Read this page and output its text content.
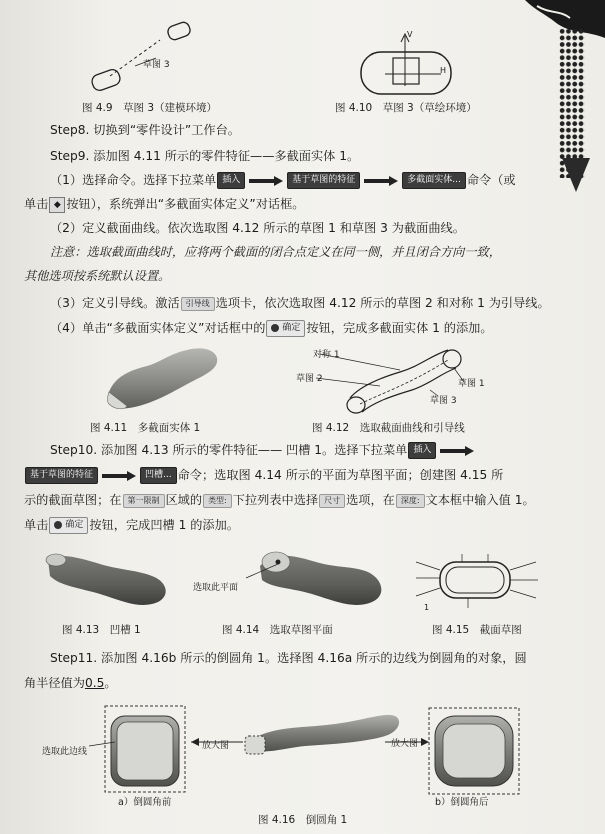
草图 3
图 4.9　草图 3（建模环境）
V
H
图 4.10　草图 3（草绘环境）
Step8. 切换到“零件设计”工作台。
Step9. 添加图 4.11 所示的零件特征——多截面实体 1。
（1）选择命令。选择下拉菜单 插入	基于草图的特征	多截面实体... 命令（或
单击 ◆ 按钮），系统弹出“多截面实体定义”对话框。
（2）定义截面曲线。依次选取图 4.12 所示的草图 1 和草图 3 为截面曲线。
注意：选取截面曲线时，应将两个截面的闭合点定义在同一侧，并且闭合方向一致，
其他选项按系统默认设置。
（3）定义引导线。激活 引导线 选项卡，依次选取图 4.12 所示的草图 2 和对称 1 为引导线。
（4）单击“多截面实体定义”对话框中的 确定 按钮，完成多截面实体 1 的添加。
图 4.11　多截面实体 1
对称 1
草图 2	草图 1
草图 3
图 4.12　选取截面曲线和引导线
Step10. 添加图 4.13 所示的零件特征—— 凹槽 1。选择下拉菜单 插入
基于草图的特征	凹槽... 命令；选取图 4.14 所示的平面为草图平面；创建图 4.15 所
示的截面草图；在 第一限制 区域的 类型: 下拉列表中选择 尺寸 选项，在 深度: 文本框中输入值 1。
单击 确定 按钮，完成凹槽 1 的添加。
图 4.13　凹槽 1
选取此平面
图 4.14　选取草图平面
1
图 4.15　截面草图
Step11. 添加图 4.16b 所示的倒圆角 1。选择图 4.16a 所示的边线为倒圆角的对象，圆
角半径值为0.5。
选取此边线
放大图	放大图
a）倒圆角前	b）倒圆角后
图 4.16　倒圆角 1
